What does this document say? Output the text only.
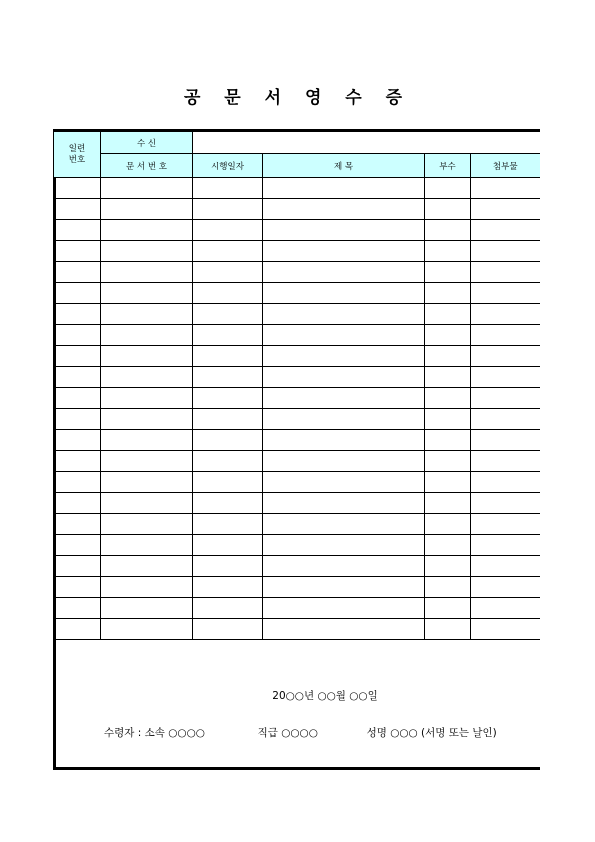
공 문 서 영 수 증
일련
번호	수 신				
	문 서 번 호	시행일자	제 목	부수	첨부물

20○○년 ○○월 ○○일
수령자 : 소속 ○○○○	직급 ○○○○	성명 ○○○ (서명 또는 날인)
